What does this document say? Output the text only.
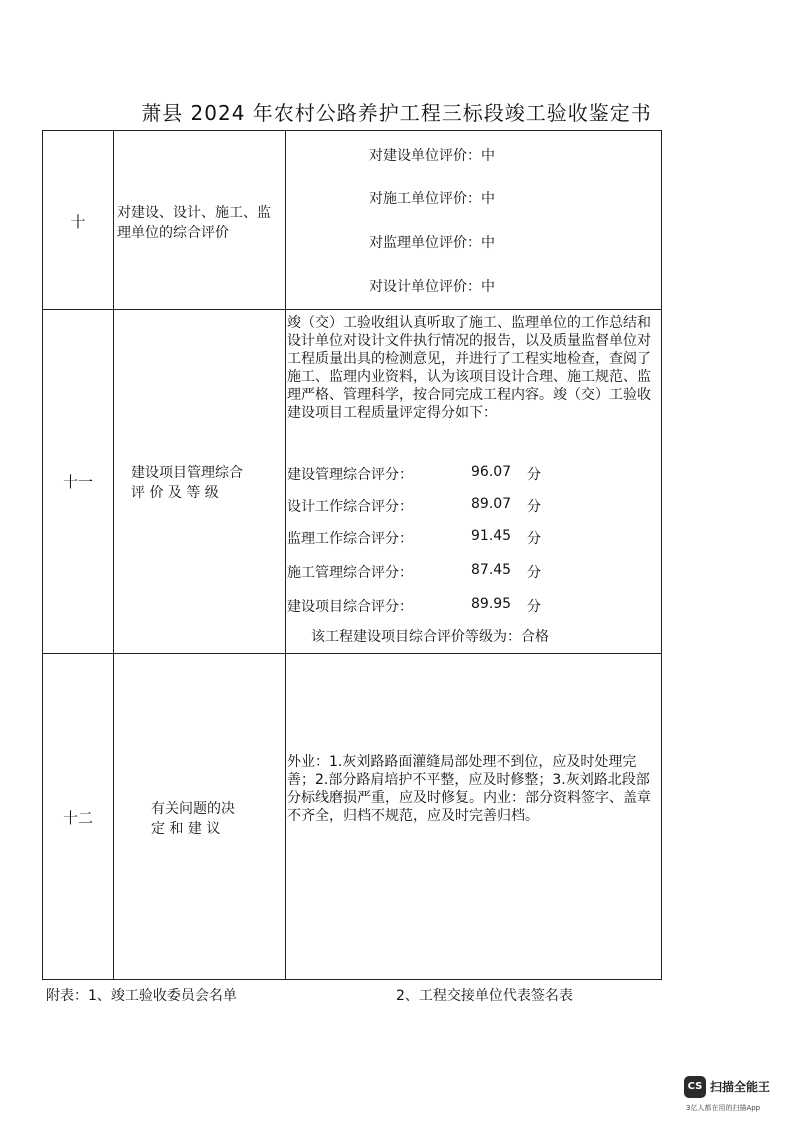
萧县 2024 年农村公路养护工程三标段竣工验收鉴定书
十	对建设、设计、施工、监理单位的综合评价
对建设单位评价：中
对施工单位评价：中
对监理单位评价：中
对设计单位评价：中
十一	建设项目管理综合
评 价 及 等 级
竣（交）工验收组认真听取了施工、监理单位的工作总结和设计单位对设计文件执行情况的报告，以及质量监督单位对工程质量出具的检测意见，并进行了工程实地检查，查阅了施工、监理内业资料，认为该项目设计合理、施工规范、监理严格、管理科学，按合同完成工程内容。竣（交）工验收建设项目工程质量评定得分如下：
建设管理综合评分：	96.07 分
设计工作综合评分：	89.07 分
监理工作综合评分：	91.45 分
施工管理综合评分：	87.45 分
建设项目综合评分：	89.95 分
该工程建设项目综合评价等级为：合格
十二	有关问题的决
定 和 建 议
外业：1.灰刘路路面灌缝局部处理不到位，应及时处理完善；2.部分路肩培护不平整，应及时修整；3.灰刘路北段部分标线磨损严重，应及时修复。内业：部分资料签字、盖章不齐全，归档不规范，应及时完善归档。
附表：1、竣工验收委员会名单	2、工程交接单位代表签名表
CS 扫描全能王
3亿人都在用的扫描App
